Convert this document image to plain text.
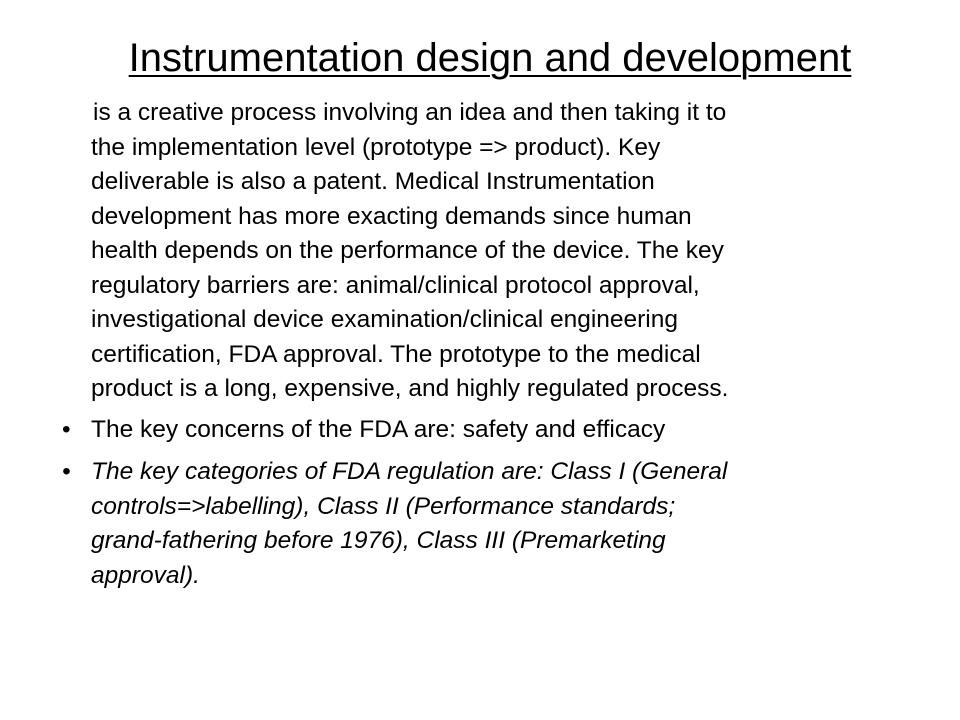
Instrumentation design and development
is a creative process involving an idea and then taking it to
the implementation level (prototype => product). Key
deliverable is also a patent. Medical Instrumentation
development has more exacting demands since human
health depends on the performance of the device. The key
regulatory barriers are: animal/clinical protocol approval,
investigational device examination/clinical engineering
certification, FDA approval. The prototype to the medical
product is a long, expensive, and highly regulated process.
• The key concerns of the FDA are: safety and efficacy
• The key categories of FDA regulation are: Class I (General
controls=>labelling), Class II (Performance standards;
grand-fathering before 1976), Class III (Premarketing
approval).
